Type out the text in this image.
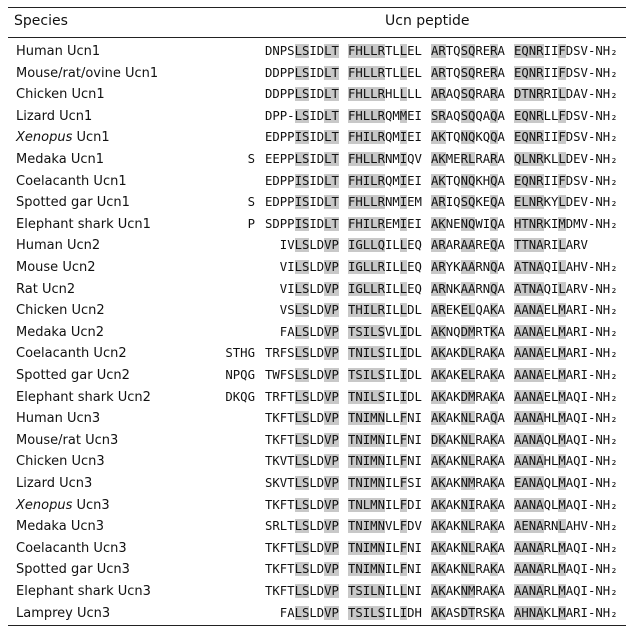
Species	Ucn peptide
Human Ucn1	DNPSLSIDLT FHLLRTLLEL ARTQSQRERA EQNRIIFDSV -NH₂
Mouse/rat/ovine Ucn1	DDPPLSIDLT FHLLRTLLEL ARTQSQRERA EQNRIIFDSV -NH₂
Chicken Ucn1	DDPPLSIDLT FHLLRHLLLL ARAQSQRARA DTNRRILDAV -NH₂
Lizard Ucn1	DPP-LSIDLT FHLLRQMMEI SRAQSQQAQA EQNRLLFDSV -NH₂
Xenopus Ucn1	EDPPISIDLT FHILRQMIEI AKTQNQKQQA EQNRIIFDSV -NH₂
Medaka Ucn1	S EEPPLSIDLT FHLLRNMIQV AKMERLRARA QLNRKLLDEV -NH₂
Coelacanth Ucn1	EDPPISIDLT FHILRQMIEI AKTQNQKHQA EQNRIIFDSV -NH₂
Spotted gar Ucn1	S EDPPISIDLT FHLLRNMIEM ARIQSQKEQA ELNRKYLDEV -NH₂
Elephant shark Ucn1	P SDPPISIDLT FHILREMIEI AKNENQWIQA HTNRKIMDMV -NH₂
Human Ucn2	IVLSLDVP IGLLQILLEQ ARARAAREQA TTNARILARV
Mouse Ucn2	VILSLDVP IGLLRILLEQ ARYKAARNQA ATNAQILAHV -NH₂
Rat Ucn2	VILSLDVP IGLLRILLEQ ARNKAARNQA ATNAQILARV -NH₂
Chicken Ucn2	VSLSLDVP THILRILLDL AREKELQAKA AANAELMARI -NH₂
Medaka Ucn2	FALSLDVP TSILSVLIDL AKNQDMRTKA AANAELMARI -NH₂
Coelacanth Ucn2	STHG TRFSLSLDVP TNILSILIDL AKAKDLRAKA AANAELMARI -NH₂
Spotted gar Ucn2	NPQG TWFSLSLDVP TSILSILIDL AKAKELRAKA AANAELMARI -NH₂
Elephant shark Ucn2	DKQG TRFTLSLDVP TNILSILIDL AKAKDMRAKA AANAELMAQI -NH₂
Human Ucn3	TKFTLSLDVP TNIMNLLFNI AKAKNLRAQA AANAHLMAQI -NH₂
Mouse/rat Ucn3	TKFTLSLDVP TNIMNILFNI DKAKNLRAKA AANAQLMAQI -NH₂
Chicken Ucn3	TKVTLSLDVP TNIMNILFNI AKAKNLRAKA AANAHLMAQI -NH₂
Lizard Ucn3	SKVTLSLDVP TNIMNILFSI AKAKNMRAKA EANAQLMAQI -NH₂
Xenopus Ucn3	TKFTLSLDVP TNLMNILFDI AKAKNIRAKA AANAQLMAQI -NH₂
Medaka Ucn3	SRLTLSLDVP TNIMNVLFDV AKAKNLRAKA AENARNLAHV -NH₂
Coelacanth Ucn3	TKFTLSLDVP TNIMNILFNI AKAKNLRAKA AANARLMAQI -NH₂
Spotted gar Ucn3	TKFTLSLDVP TNIMNILFNI AKAKNLRAKA AANARLMAQI -NH₂
Elephant shark Ucn3	TKFTLSLDVP TSILNILLNI AKAKNMRAKA AANARLMAQI -NH₂
Lamprey Ucn3	FALSLDVP TSILSILIDH AKASDTRSKA AHNAKLMARI -NH₂
